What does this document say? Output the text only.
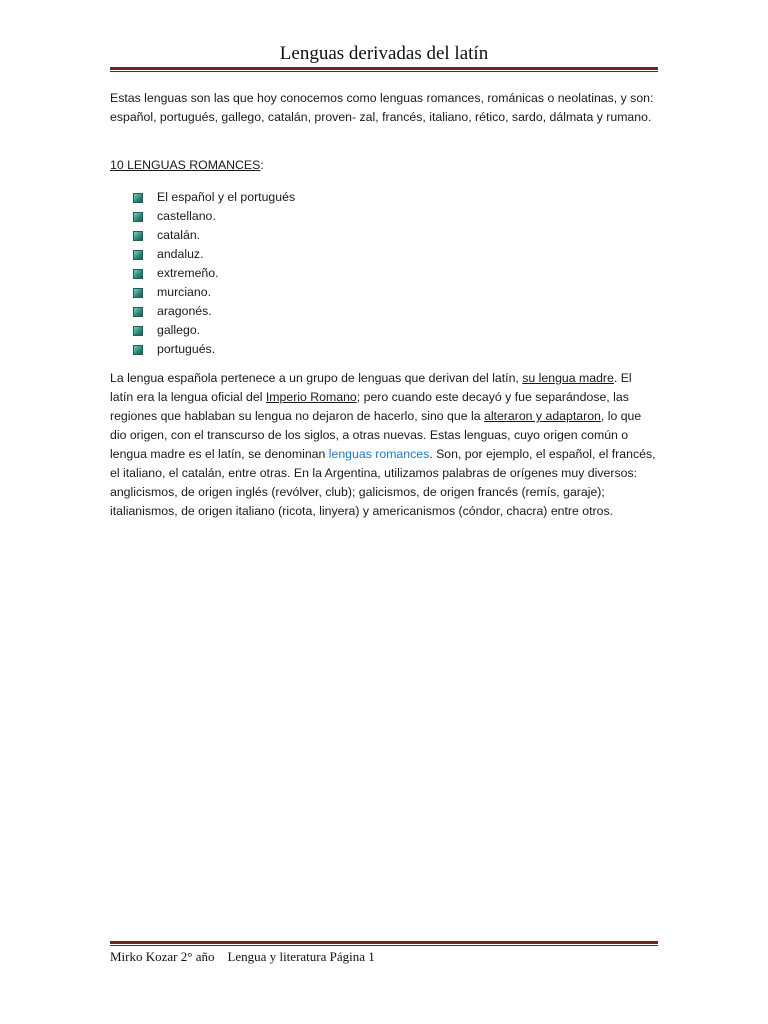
Lenguas derivadas del latín

Estas lenguas son las que hoy conocemos como lenguas romances, románicas o neolatinas, y son: español, portugués, gallego, catalán, proven- zal, francés, italiano, rético, sardo, dálmata y rumano.

10 LENGUAS ROMANCES:

El español y el portugués
castellano.
catalán.
andaluz.
extremeño.
murciano.
aragonés.
gallego.
portugués.

La lengua española pertenece a un grupo de lenguas que derivan del latín, su lengua madre. El latín era la lengua oficial del Imperio Romano; pero cuando este decayó y fue separándose, las regiones que hablaban su lengua no dejaron de hacerlo, sino que la alteraron y adaptaron, lo que dio origen, con el transcurso de los siglos, a otras nuevas. Estas lenguas, cuyo origen común o lengua madre es el latín, se denominan lenguas romances. Son, por ejemplo, el español, el francés, el italiano, el catalán, entre otras. En la Argentina, utilizamos palabras de orígenes muy diversos: anglicismos, de origen inglés (revólver, club); galicismos, de origen francés (remís, garaje); italianismos, de origen italiano (ricota, linyera) y americanismos (cóndor, chacra) entre otros.

Mirko Kozar 2° año    Lengua y literatura Página 1
